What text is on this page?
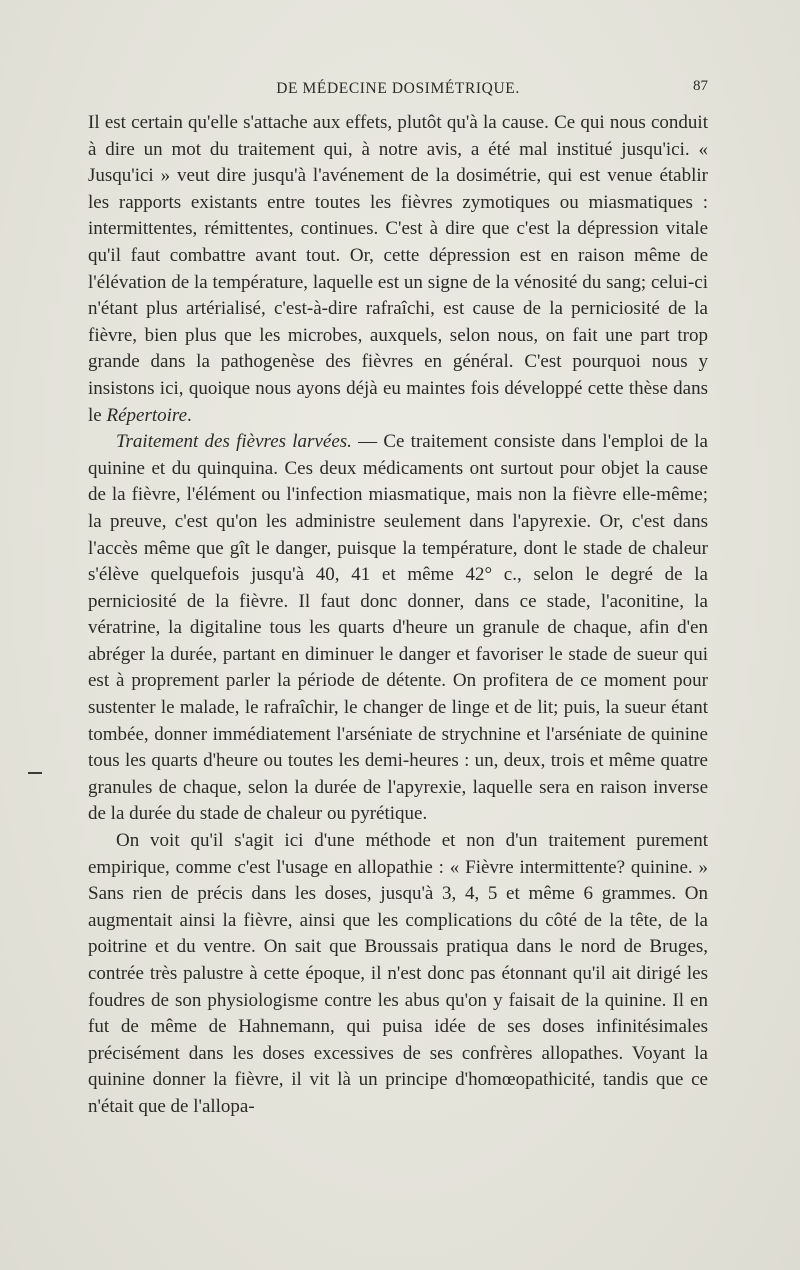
DE MÉDECINE DOSIMÉTRIQUE.	87

Il est certain qu'elle s'attache aux effets, plutôt qu'à la cause. Ce qui nous conduit à dire un mot du traitement qui, à notre avis, a été mal institué jusqu'ici. « Jusqu'ici » veut dire jusqu'à l'avénement de la dosimétrie, qui est venue établir les rapports existants entre toutes les fièvres zymotiques ou miasmatiques : intermittentes, rémittentes, continues. C'est à dire que c'est la dépression vitale qu'il faut combattre avant tout. Or, cette dépression est en raison même de l'élévation de la température, laquelle est un signe de la vénosité du sang; celui-ci n'étant plus artérialisé, c'est-à-dire rafraîchi, est cause de la perniciosité de la fièvre, bien plus que les microbes, auxquels, selon nous, on fait une part trop grande dans la pathogenèse des fièvres en général. C'est pourquoi nous y insistons ici, quoique nous ayons déjà eu maintes fois développé cette thèse dans le Répertoire.

Traitement des fièvres larvées. — Ce traitement consiste dans l'emploi de la quinine et du quinquina. Ces deux médicaments ont surtout pour objet la cause de la fièvre, l'élément ou l'infection miasmatique, mais non la fièvre elle-même; la preuve, c'est qu'on les administre seulement dans l'apyrexie. Or, c'est dans l'accès même que gît le danger, puisque la température, dont le stade de chaleur s'élève quelquefois jusqu'à 40, 41 et même 42° c., selon le degré de la perniciosité de la fièvre. Il faut donc donner, dans ce stade, l'aconitine, la vératrine, la digitaline tous les quarts d'heure un granule de chaque, afin d'en abréger la durée, partant en diminuer le danger et favoriser le stade de sueur qui est à proprement parler la période de détente. On profitera de ce moment pour sustenter le malade, le rafraîchir, le changer de linge et de lit; puis, la sueur étant tombée, donner immédiatement l'arséniate de strychnine et l'arséniate de quinine tous les quarts d'heure ou toutes les demi-heures : un, deux, trois et même quatre granules de chaque, selon la durée de l'apyrexie, laquelle sera en raison inverse de la durée du stade de chaleur ou pyrétique.

On voit qu'il s'agit ici d'une méthode et non d'un traitement purement empirique, comme c'est l'usage en allopathie : « Fièvre intermittente? quinine. » Sans rien de précis dans les doses, jusqu'à 3, 4, 5 et même 6 grammes. On augmentait ainsi la fièvre, ainsi que les complications du côté de la tête, de la poitrine et du ventre. On sait que Broussais pratiqua dans le nord de Bruges, contrée très palustre à cette époque, il n'est donc pas étonnant qu'il ait dirigé les foudres de son physiologisme contre les abus qu'on y faisait de la quinine. Il en fut de même de Hahnemann, qui puisa idée de ses doses infinitésimales précisément dans les doses excessives de ses confrères allopathes. Voyant la quinine donner la fièvre, il vit là un principe d'homœopathicité, tandis que ce n'était que de l'allopa-
